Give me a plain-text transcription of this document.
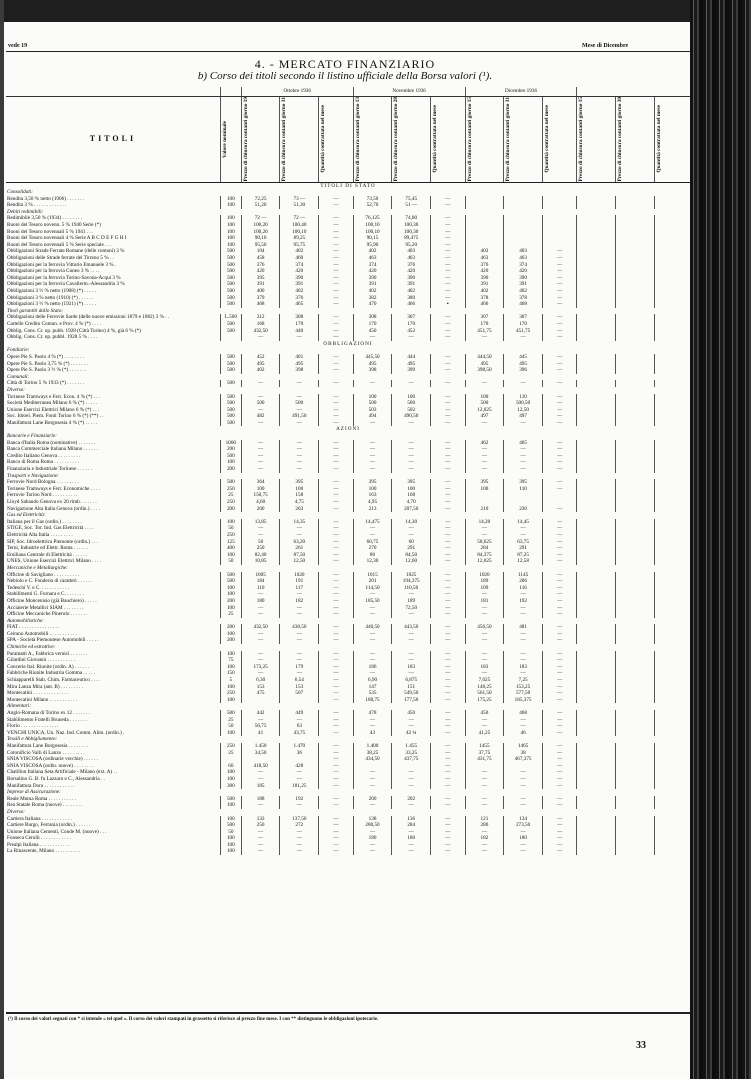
vede 19	Mese di Dicembre
4. - MERCATO FINANZIARIO
b) Corso dei titoli secondo il listino ufficiale della Borsa valori (¹).
		Ottobre 1936			Novembre 1936			Dicembre 1936					

TITOLI	Valore nominale	Prezzo di chiusura contanti giorno 19	Prezzo di chiusura contanti giorno 31	Quantità contrattata nel mese	Prezzo di chiusura contanti giorno 13	Prezzo di chiusura contanti giorno 28	Quantità contrattata nel mese	Prezzo di chiusura contanti giorno 15	Prezzo di chiusura contanti giorno 31	Quantità contrattata nel mese	Prezzo di chiusura contanti giorno 15	Prezzo di chiusura contanti giorno 30	Quantità contrattata nel mese

TITOLI DI STATO													
Consolidati:													
Rendita 3,50 % netto (1906) . . . . . . .	100	72,25	73 —	—	73,50	75,45	—						
Rendita 3 % . . . . . . . . . . . . .	100	51,20	51,30	—	52,70	51 —	—						
Debiti redimibili:													
Redimibile 3,50 % (1934) . . . . . . . .	100	72 —	72 —	—	76,125	74,80	—						
Buoni del Tesoro novenn. 5 % 1940 Serie (*)	100	100,20	100,40	—	100,10	100,30	—						
Buoni del Tesoro novennali 5 % 1941 . . .	100	100,20	100,10	—	100,10	100,30	—						
Buoni del Tesoro novennali 4 % Serie A B C D E F G H I	100	90,10	89,25	—	90,15	89,475	—						
Buoni del Tesoro novennali 5 % Serie speciale . . .	100	95,50	95,75	—	95,90	95,20	—						
Obbligazioni Strade Ferrate Romane (delle comuni) 3 %	500	104	402	—	402	403	—	403	403	—			
Obbligazioni delle Strade ferrate del Tirreno 5 % . .	500	458	460	—	463	463	—	463	463	—			
Obbligazioni per la ferrovia Vittorio Emanuele 3 % .	500	376	374	—	374	376	—	376	374	—			
Obbligazioni per la ferrovia Cuneo 3 % . . . .	500	420	420	—	420	420	—	420	420	—			
Obbligazioni per la ferrovia Torino-Savona-Acqui 3 %	500	395	390	—	390	390	—	390	390	—			
Obbligazioni per la ferrovia Cavallerm.-Alessandria 3 %	500	391	391	—	391	391	—	391	391	—			
Obbligazioni 3 ½ % netto (1908) (*) . . . . .	500	400	402	—	402	402	—	402	402	—			
Obbligazioni 3 % netto (1910) (*) . . . . . .	500	379	376	—	382	380	—	378	378	—			
Obbligazioni 3 ½ % netto (1921) (*) . . . . .	500	468	465	—	470	466	▪	466	468	—			
Titoli garantiti dallo Stato:													
Obbligazioni delle Ferrovie Sarde (delle nuove emissioni 1879 e 1882) 3 % . .	L.500	312	308	—	308	307	—	307	307	—			
Cartelle Credito Comun. e Prov. 4 % (*) . . . .	500	168	170	—	170	170	—	170	170	—			
Obblig. Cons. Cr. op. pubb. 1928 (Città Torino) 4 %, già 6 % (*)	500	432,50	440	—	450	452	—	451,75	451,75	—			
Obblig. Cons. Cr. op. pubbl. 1928 5 % . . . .		—	—	—	—	—	—	—	—	—			
OBBLIGAZIONI													
Fondiarie:													
Opere Pie S. Paolo 4 % (*) . . . . . . . .	500	452	401	—	445,50	444	—	444,50	445	—			
Opere Pie S. Paolo 3,75 % (*) . . . . . . .	500	495	495	—	495	495	—	495	495	—			
Opere Pie S. Paolo 3 ½ % (*) . . . . . . .	500	402	398	—	398	399	—	398,50	396	—			
Comunali:													
Città di Torino 5 % 1933 (*) . . . . . . .	500	—	—	—	—	—	—	—	—	—			
Diverse:													
Torinese Tramways e Ferr. Econ. 4 % (*) . . .	500	—	—	—	100	100	—	100	110	—			
Società Mediterranea Milano 6 % (*) . . . . .	500	500	500	—	500	500	—	500	500,50	—			
Unione Esercizi Elettrici Milano 6 % (*) . . .	500	—	—	—	503	502	—	12,025	12,50	—			
Soc. Idroel. Piem. Fonti Torino 6 % (*) (**) . .	500	482	491,50	—	494	490,50	—	497	497	—			
Manifattura Lane Borgosesia 4 % (*) . . . . .	500	—	—	—	—	—	—	—	—	—			
AZIONI													
Bancarie e Finanziarie:													
Banca d'Italia Roma (nominative) . . . . . . .	1000	—	—	—	—	—	—	462	465	—			
Banca Commerciale Italiana Milano . . . . . .	200	—	—	—	—	—	—	—	—	—			
Credito Italiano Genova . . . . . . . . .	500	—	—	—	—	—	—	—	—	—			
Banco di Roma Roma . . . . . . . . . .	100	—	—	—	—	—	—	—	—	—			
Finanziaria e Industriale Torinese . . . . . .	200	—	—	—	—	—	—	—	—	—			
Trasporti e Navigazione:													
Ferrovie Nord Bologna . . . . . . . . .	500	364	395	—	395	395	—	395	395	—			
Torinese Tramways e Ferr. Economiche . . . .	250	100	100	—	100	100	—	100	110	—			
Ferrovie Torino Nord . . . . . . . . . .	25	150,75	158	—	163	168	—						
Lloyd Sabaudo Genova ex 20 rimb. . . . . . .	250	4,60	4,75	—	4,95	4,70	—						
Navigazione Alta Italia Genova (ordin.) . . . .	200	200	203	—	213	207,50	—	210	230	—			
Gas ed Elettricità:													
Italiana per il Gas (ordin.) . . . . . . . .	100	13,85	14,35	—	14,475	14,30	—	14,20	14,45	—			
STIGE, Soc. Tor. Ind. Gas Elettricità . . . .	50	—	—	—	—	—	—	—	—	—			
Elettricità Alta Italia . . . . . . . . .	250	—	—	—	—	—	—	—	—	—			
SIP, Soc. Idroelettrica Piemonte (ordin.) . . .	125	56	63,20	—	60,75	60	—	58,625	63,75	—			
Terni, Industrie ed Elettr. Roma . . . . . .	400	250	261	—	270	291	—	284	291	—			
Emiliana Centrale di Elettricità . . . . . .	100	82,40	87,50	—	86	84,50	—	84,375	87,25	—			
UNES, Unione Esercizi Elettrici Milano . . . .	50	10,85	12,50	—	12,30	12,60	—	12,025	12,58	—			
Meccaniche e Metallurgiche:													
Officine di Savigliano . . . . . . . . . .	500	1005	1020	—	1015	1025	—	1020	1145	—			
Nebiolo e C. Fonderia di caratteri . . . . . .	500	184	191	—	201	194,375	—	189	206	—			
Tedeschi V. e C. . . . . . . . . . . .	100	110	117	—	114,50	110,50	—	109	116	—			
Stabilimenti G. Fornara e C. . . . . . . .	100	—	—	—	—	—	—	—	—	—			
Officine Moncenisio (già Bauchiero) . . . . .	200	180	182	—	185,50	189	—	181	192	—			
Acciaierie Metallici SIAM . . . . . . . .	100	—	—	—	—	72,50	—	—	—	—			
Officine Meccaniche Pinerolo . . . . . . .	25	—	—	—	—	—	—	—	—	—			
Automobilistiche:													
FIAT . . . . . . . . . . . . . . . .	200	432,50	438,50	—	440,50	443,50	—	456,50	481	—			
Ceirano Automobili . . . . . . . . . . .	100	—	—	—	—	—	—	—	—	—			
SPA - Società Piemontese Automobili . . . . .	200	—	—	—	—	—	—	—	—	—			
Chimiche ed estrattive:													
Paramatti A., Fabbrica vernici . . . . . . .	100	—	—	—	—	—	—	—	—	—			
Gilardini Giovanni . . . . . . . . . . .	75	—	—	—	—	—	—	—	—	—			
Concerie Ital. Riunite (ordin. A) . . . . . .	100	173,25	179	—	186	183	—	183	183	—			
Fabbriche Riunite Industria Gomma . . . . .	150	—	—	—	—	—	—	—	—	—			
Schiapparelli Stab. Chim. Farmaceutico . . . .	5	6,30	6,54	—	6,90	6,875	—	7,025	7,25	—			
Mira Lanza Mira (ant. B) . . . . . . . . .	100	153	153	—	147	151	—	148,25	153,25	—			
Montecatini . . . . . . . . . . . . . .	250	475	507	—	535	549,50	—	561,50	577,50	—			
Montecatini Milano . . . . . . . . . . .	100			—	180,75	177,50	—	175,25	185,375	—			
Alimentari:													
Anglo-Romana di Torino ex 12 . . . . . . .	500	442	449	—	478	450	—	450	468	—			
Stabilimento Fratelli Bruneda . . . . . . .	25	—	—	—	—	—	—	—	—	—			
Florio . . . . . . . . . . . . . . .	50	56,75	63	—	—	—	—	—	—	—			
VENCHI UNICA, Un. Naz. Ind. Comm. Alim. (ordin.) .	100	41	43,75	—	43	42 ¾	—	41,25	46	—			
Tessili e Abbigliamento:													
Manifattura Lane Borgosesia . . . . . . . .	250	1.450	1.470	—	1.400	1.455	—	1455	1465	—			
Cotonificio Valli di Lanzo . . . . . . . . .	25	34,50	36	—	38,25	33,25	—	37,75	38	—			
SNIA VISCOSA (ordinarie vecchie) . . . . . .				—	434,50	437,75	—	431,75	467,375	—			
SNIA VISCOSA (ordin. nuove) . . . . . . . .	60	418,50	428	—			—			—			
Chatillon Italiana Seta Artificiale - Milano (ext. A) . .	100	—	—	—	—	—	—	—	—	—			
Borsalino G. B. fu Lazzaro e C., Alessandria . .	100	—	—	—	—	—	—	—	—	—			
Manifattura Dora . . . . . . . . . . . .	300	185	181,25	—	—	—	—	—	—	—			
Imprese di Assicurazione:													
Reale Mutua Roma . . . . . . . . . . .	500	188	192	—	200	202	—	—	—	—			
Rea Statale Roma (nuove) . . . . . . . .	100	—	—	—	—	—	—	—	—	—			
Diverse:													
Cartiera Italiana . . . . . . . . . . . .	100	133	137,50	—	138	136	—	121	134	—			
Cartiere Burgo, Ferrania (ordin.) . . . . . .	500	250	272	—	280,50	284	—	280	273,50	—			
Unione Italiana Cementi, Conde M. (nuove) . . .	50	—	—	—	—	—	—	—	—	—			
Fonseca Cerulli . . . . . . . . . . . .	100	—	—	—	180	180	—	182	180	—			
Prealpi Italiana . . . . . . . . . . . .	100	—	—	—	—	—	—	—	—	—			
La Rinascente, Milano . . . . . . . . . .	100	—	—	—	—	—	—	—	—	—			
(¹) Il corso dei valori segnati con * si intende « tel quel ». Il corso dei valori stampati in grassetto si riferisce al prezzo fine mese. I con ** distinguono le obbligazioni ipotecarie.
33
